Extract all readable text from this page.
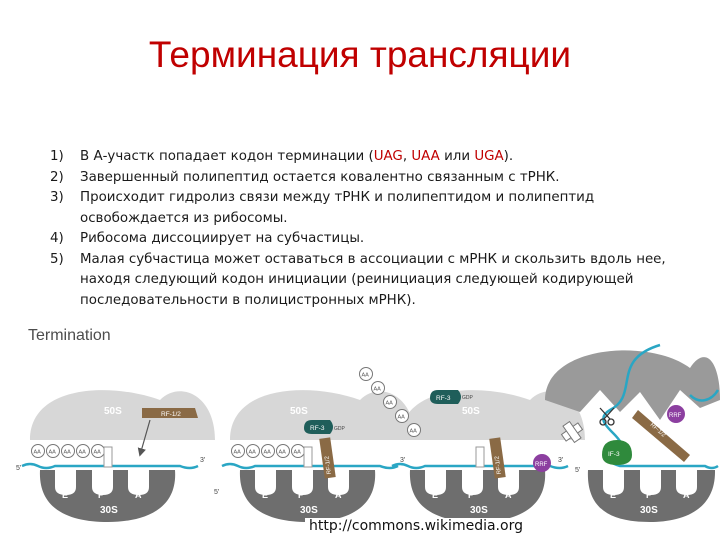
Терминация трансляции
1)	В А-участк попадает кодон терминации (UAG, UAA или UGA).
2)	Завершенный полипептид остается ковалентно связанным с тРНК.
3)	Происходит гидролиз связи между тРНК и полипептидом и полипептид освобождается из рибосомы.
4)	Рибосома диссоциирует на субчастицы.
5)	Малая субчастица может оставаться в ассоциации с мРНК и скользить вдоль нее, находя следующий кодон инициации (реинициация следующей кодирующей последовательности в полицистронных мРНК).
Termination
50S
30S
E	P	A
5'
3'
AA AA AA AA AA
RF-1/2	50S
30S
E	P	A
5'
3'
AA AA AA AA AA
RF-3 GDP
RF-1/2
50S
30S
E	P	A
3'
AA
AA
AA
AA
AA
RF-3 GDP
RF-1/2	RRF
50S
30S
E	P	A
5'
RF-1/2
RRF
IF-3
http://commons.wikimedia.org
